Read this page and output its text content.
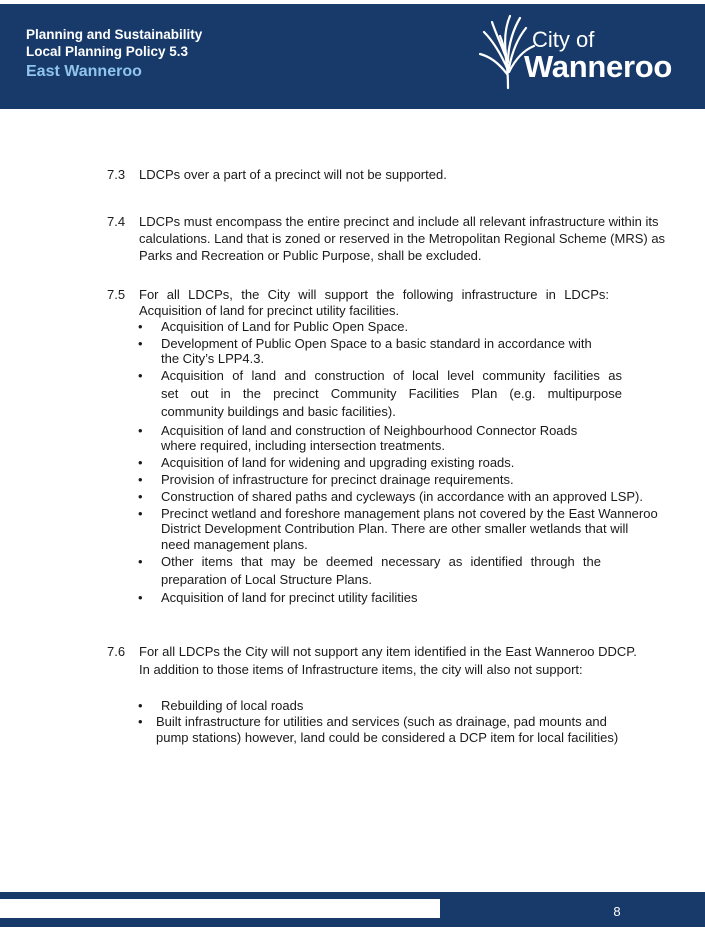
Planning and Sustainability
Local Planning Policy 5.3
East Wanneroo
City of
Wanneroo
7.3 LDCPs over a part of a precinct will not be supported.
7.4 LDCPs must encompass the entire precinct and include all relevant infrastructure within its
calculations. Land that is zoned or reserved in the Metropolitan Regional Scheme (MRS) as
Parks and Recreation or Public Purpose, shall be excluded.
7.5 For all LDCPs, the City will support the following infrastructure in LDCPs:
Acquisition of land for precinct utility facilities.
• Acquisition of Land for Public Open Space.
• Development of Public Open Space to a basic standard in accordance with
the City’s LPP4.3.
• Acquisition of land and construction of local level community facilities as
set out in the precinct Community Facilities Plan (e.g. multipurpose
community buildings and basic facilities).
• Acquisition of land and construction of Neighbourhood Connector Roads
where required, including intersection treatments.
• Acquisition of land for widening and upgrading existing roads.
• Provision of infrastructure for precinct drainage requirements.
• Construction of shared paths and cycleways (in accordance with an approved LSP).
• Precinct wetland and foreshore management plans not covered by the East Wanneroo
District Development Contribution Plan. There are other smaller wetlands that will
need management plans.
• Other items that may be deemed necessary as identified through the
preparation of Local Structure Plans.
• Acquisition of land for precinct utility facilities
7.6 For all LDCPs the City will not support any item identified in the East Wanneroo DDCP.
In addition to those items of Infrastructure items, the city will also not support:
• Rebuilding of local roads
• Built infrastructure for utilities and services (such as drainage, pad mounts and
pump stations) however, land could be considered a DCP item for local facilities)
8
